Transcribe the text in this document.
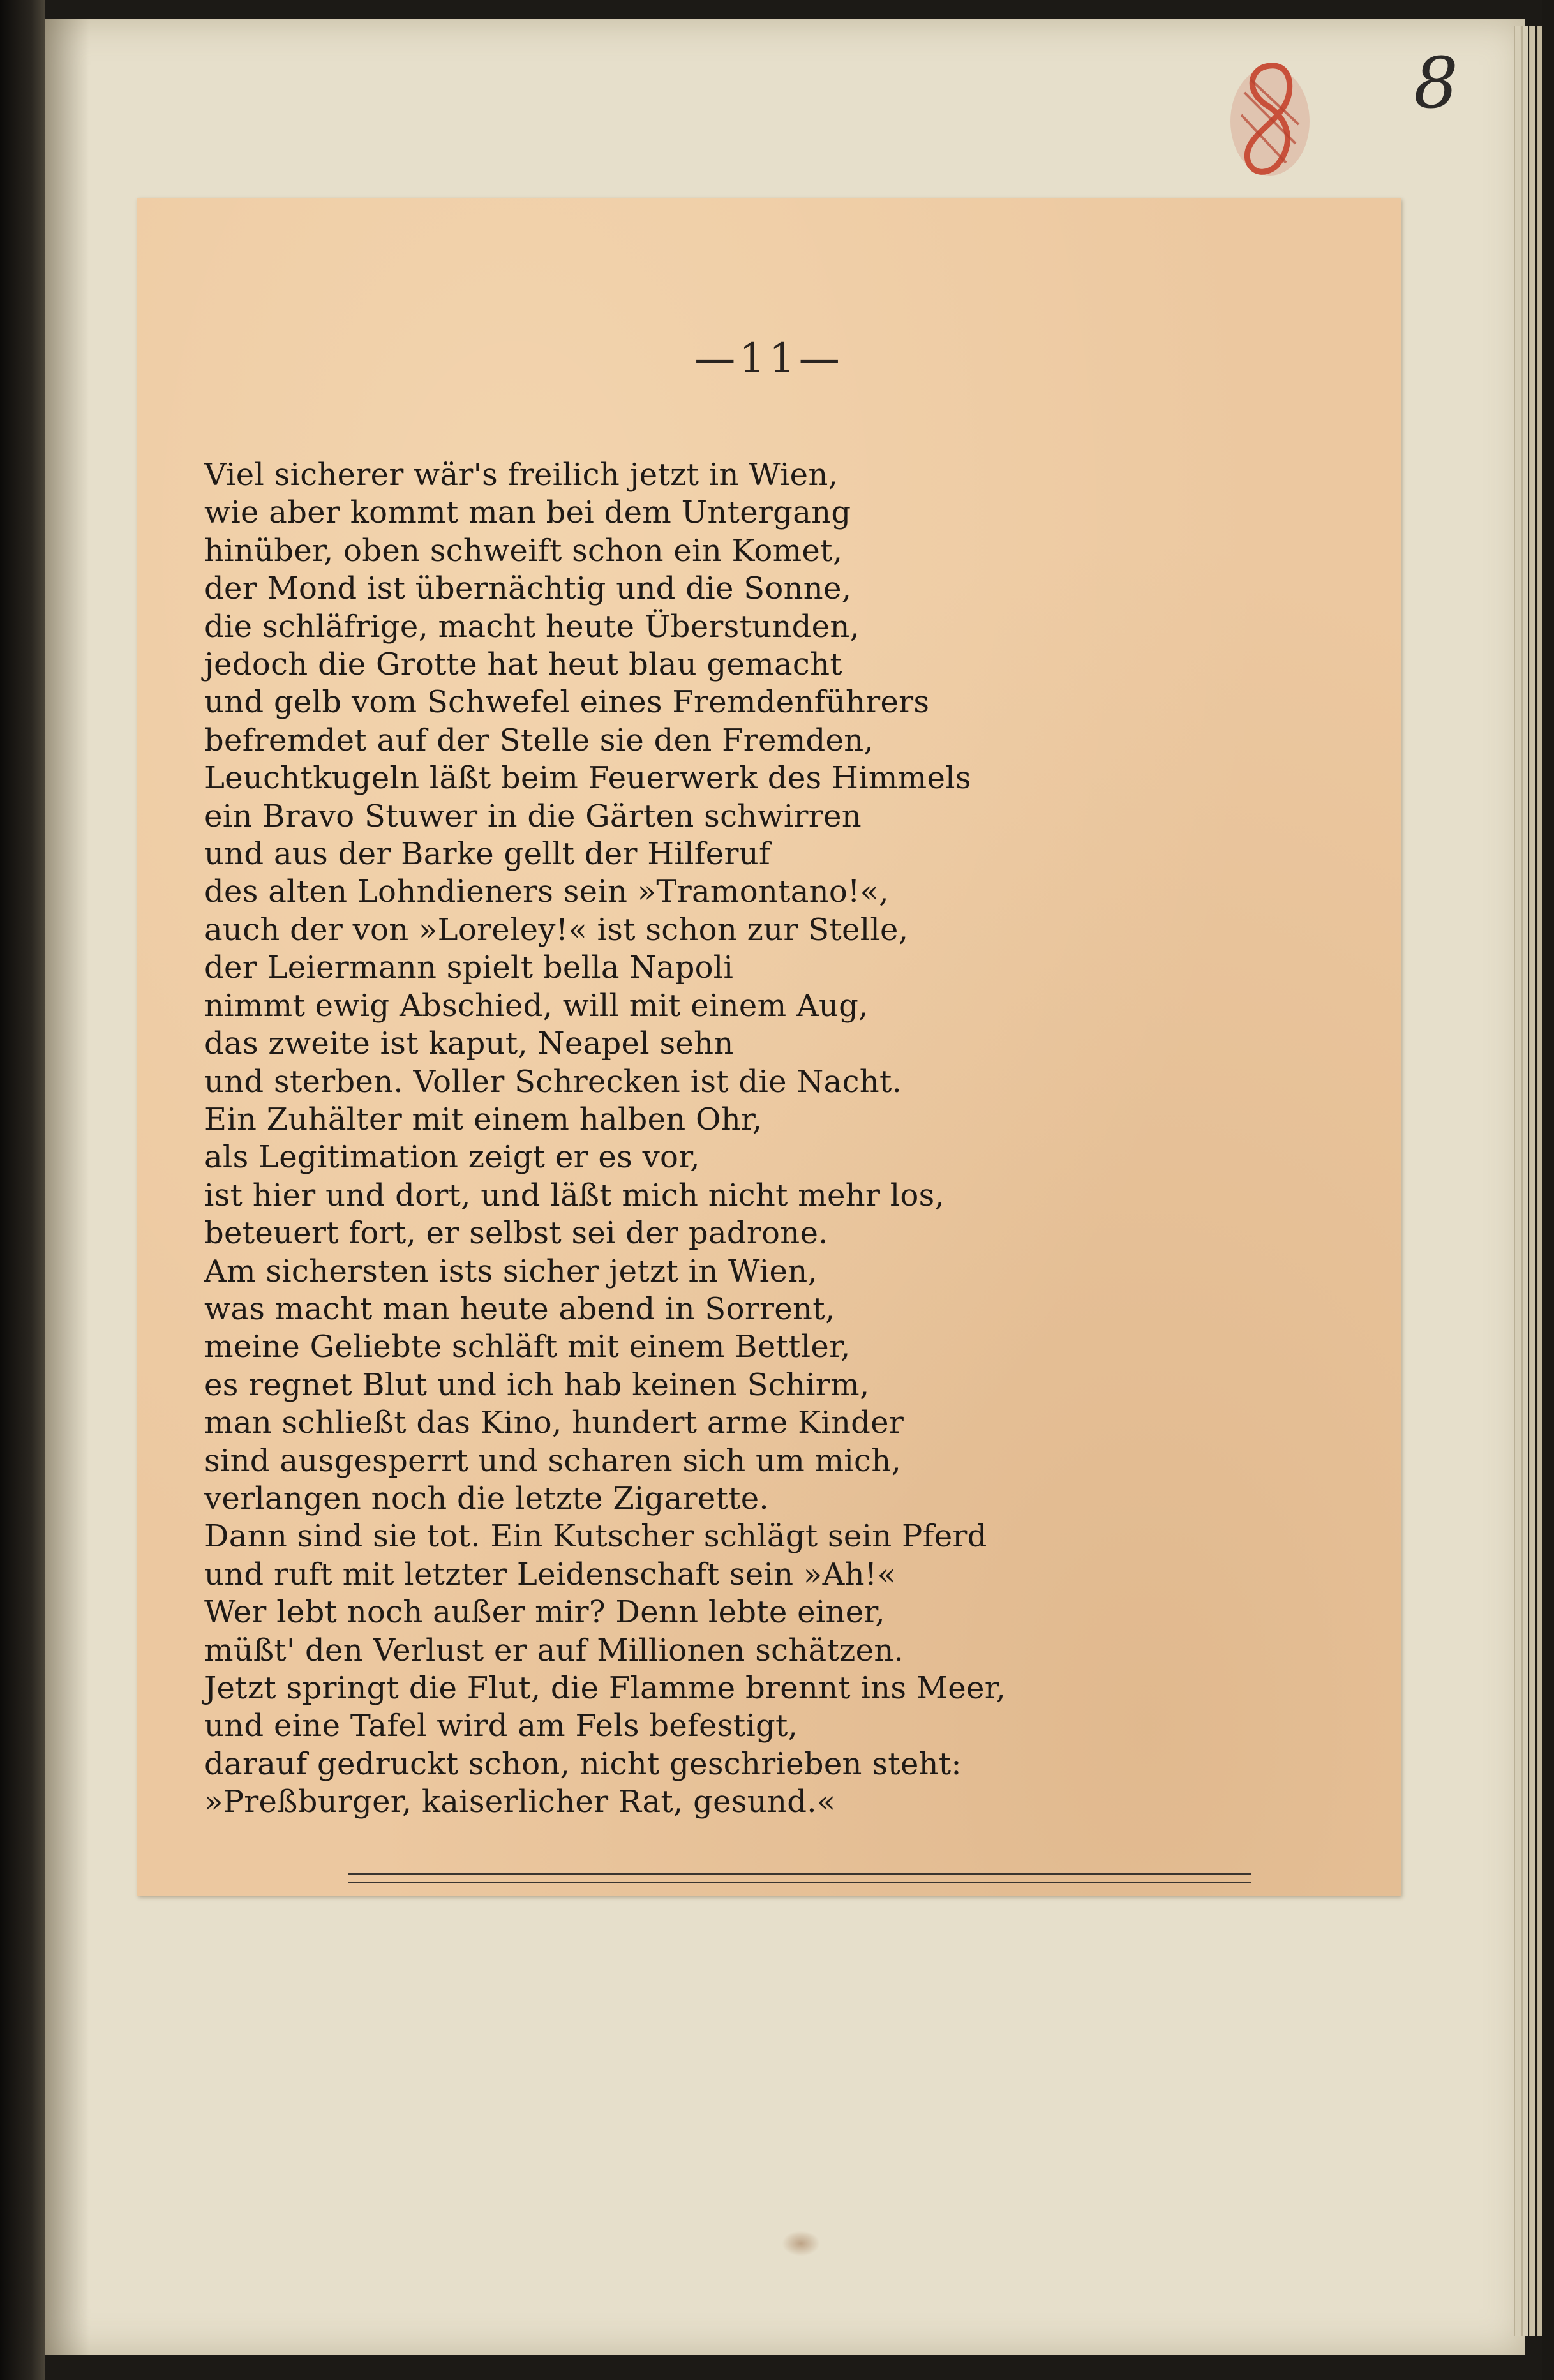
8
—11—
Viel sicherer wär's freilich jetzt in Wien,
wie aber kommt man bei dem Untergang
hinüber, oben schweift schon ein Komet,
der Mond ist übernächtig und die Sonne,
die schläfrige, macht heute Überstunden,
jedoch die Grotte hat heut blau gemacht
und gelb vom Schwefel eines Fremdenführers
befremdet auf der Stelle sie den Fremden,
Leuchtkugeln läßt beim Feuerwerk des Himmels
ein Bravo Stuwer in die Gärten schwirren
und aus der Barke gellt der Hilferuf
des alten Lohndieners sein »Tramontano!«,
auch der von »Loreley!« ist schon zur Stelle,
der Leiermann spielt bella Napoli
nimmt ewig Abschied, will mit einem Aug,
das zweite ist kaput, Neapel sehn
und sterben. Voller Schrecken ist die Nacht.
Ein Zuhälter mit einem halben Ohr,
als Legitimation zeigt er es vor,
ist hier und dort, und läßt mich nicht mehr los,
beteuert fort, er selbst sei der padrone.
Am sichersten ists sicher jetzt in Wien,
was macht man heute abend in Sorrent,
meine Geliebte schläft mit einem Bettler,
es regnet Blut und ich hab keinen Schirm,
man schließt das Kino, hundert arme Kinder
sind ausgesperrt und scharen sich um mich,
verlangen noch die letzte Zigarette.
Dann sind sie tot. Ein Kutscher schlägt sein Pferd
und ruft mit letzter Leidenschaft sein »Ah!«
Wer lebt noch außer mir? Denn lebte einer,
müßt' den Verlust er auf Millionen schätzen.
Jetzt springt die Flut, die Flamme brennt ins Meer,
und eine Tafel wird am Fels befestigt,
darauf gedruckt schon, nicht geschrieben steht:
»Preßburger, kaiserlicher Rat, gesund.«
